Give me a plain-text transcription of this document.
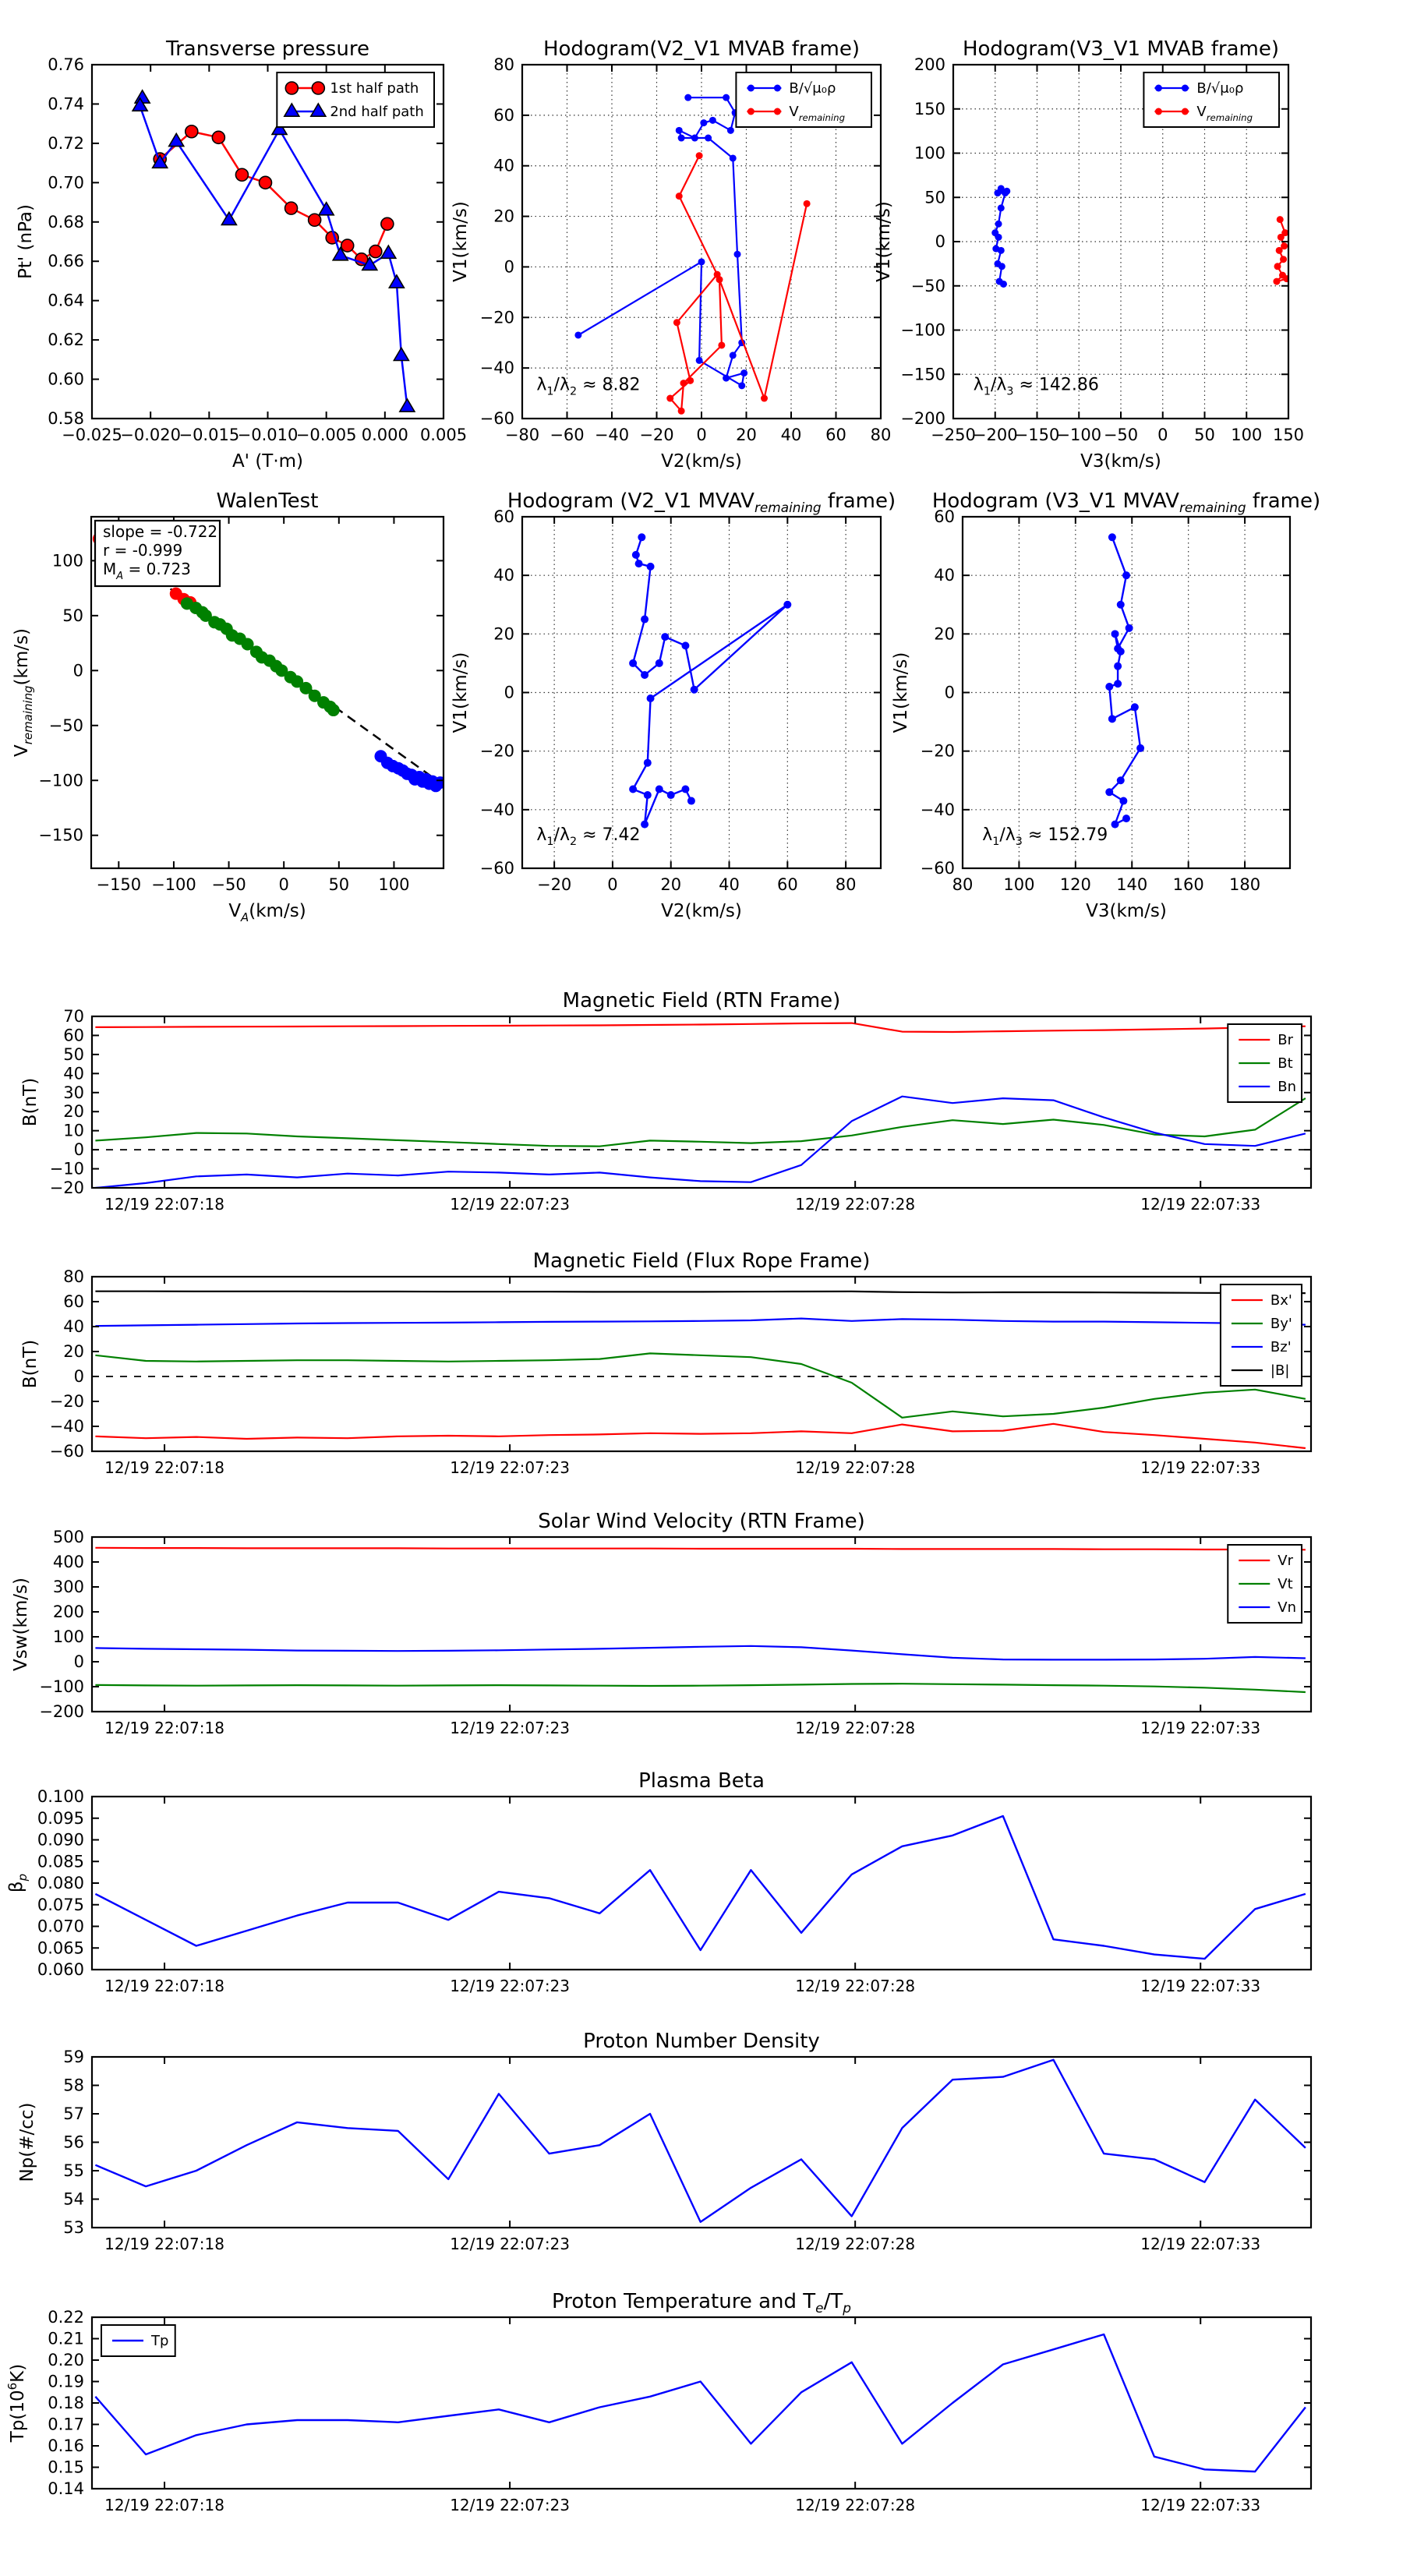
−0.025
−0.020
−0.015
−0.010
−0.005 0.000 0.005
0.58
0.60
0.62
0.64
0.66
0.68
0.70
0.72
0.74
0.76
Transverse pressure
A' (T·m)
Pt' (nPa)
1st half path
2nd half path
−80 −60 −40 −20 0 20 40 60 80
−60
−40
−20
0
20
40
60
80
Hodogram(V2_V1 MVAB frame)
V2(km/s)
V1(km/s)
$\lambda_1/\lambda_2 \approx 8.82$
B/√μ₀ρ
$V_{remaining}$
−250
−200
−150
−100 −50 0 50 100 150
−200
−150
−100
−50
0
50
100
150
200
Hodogram(V3_V1 MVAB frame)
V3(km/s)
V1(km/s)
$\lambda_1/\lambda_3 \approx 142.86$
B/√μ₀ρ
$V_{remaining}$
−150 −100 −50 0 50 100
−150
−100
−50
0
50
100
WalenTest
$V_A(km/s)$
$V_{remaining}(km/s)$
slope = -0.722
r = -0.999
$M_A = 0.723$
−20 0	20 40 60 80
−60
−40
−20
0
20
40
60
Hodogram (V2_V1 $MVAV_{remaining}$ frame)
V2(km/s)
V1(km/s)
$\lambda_1/\lambda_2 \approx 7.42$
80 100 120 140 160 180
−60
−40
−20
0
20
40
60
Hodogram (V3_V1 $MVAV_{remaining}$ frame)
V3(km/s)
V1(km/s)
$\lambda_1/\lambda_3 \approx 152.79$
12/19 22:07:18	12/19 22:07:23	12/19 22:07:28	12/19 22:07:33
−20
−10
0
10
20
30
40
50
60
70
Magnetic Field (RTN Frame)
B(nT)
Br
Bt
Bn
12/19 22:07:18	12/19 22:07:23	12/19 22:07:28	12/19 22:07:33
−60
−40
−20
0
20
40
60
80
Magnetic Field (Flux Rope Frame)
B(nT)
Bx'
By'
Bz'
|B|
12/19 22:07:18	12/19 22:07:23	12/19 22:07:28	12/19 22:07:33
−200
−100
0
100
200
300
400
500
Solar Wind Velocity (RTN Frame)
Vsw(km/s)
Vr
Vt
Vn
12/19 22:07:18	12/19 22:07:23	12/19 22:07:28	12/19 22:07:33
0.060
0.065
0.070
0.075
0.080
0.085
0.090
0.095
0.100
Plasma Beta
$\beta_p$
12/19 22:07:18	12/19 22:07:23	12/19 22:07:28	12/19 22:07:33
53
54
55
56
57
58
59
Proton Number Density
Np(#/cc)
12/19 22:07:18	12/19 22:07:23	12/19 22:07:28	12/19 22:07:33
0.14
0.15
0.16
0.17
0.18
0.19
0.20
0.21
0.22
Proton Temperature and $T_e/T_p$
$Tp(10^6K)$
Tp
